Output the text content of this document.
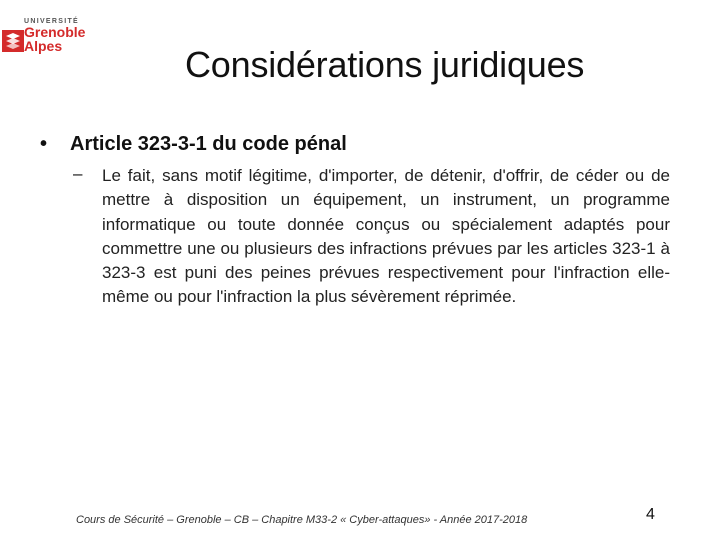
UNIVERSITÉ
Grenoble
Alpes	Considérations juridiques
• Article 323-3-1 du code pénal
– Le fait, sans motif légitime, d'importer, de détenir, d'offrir, de céder ou de mettre à disposition un équipement, un instrument, un programme informatique ou toute donnée conçus ou spécialement adaptés pour commettre une ou plusieurs des infractions prévues par les articles 323-1 à 323-3 est puni des peines prévues respectivement pour l'infraction elle-même ou pour l'infraction la plus sévèrement réprimée.
Cours de Sécurité – Grenoble – CB – Chapitre M33-2 « Cyber-attaques» - Année 2017-2018	4
